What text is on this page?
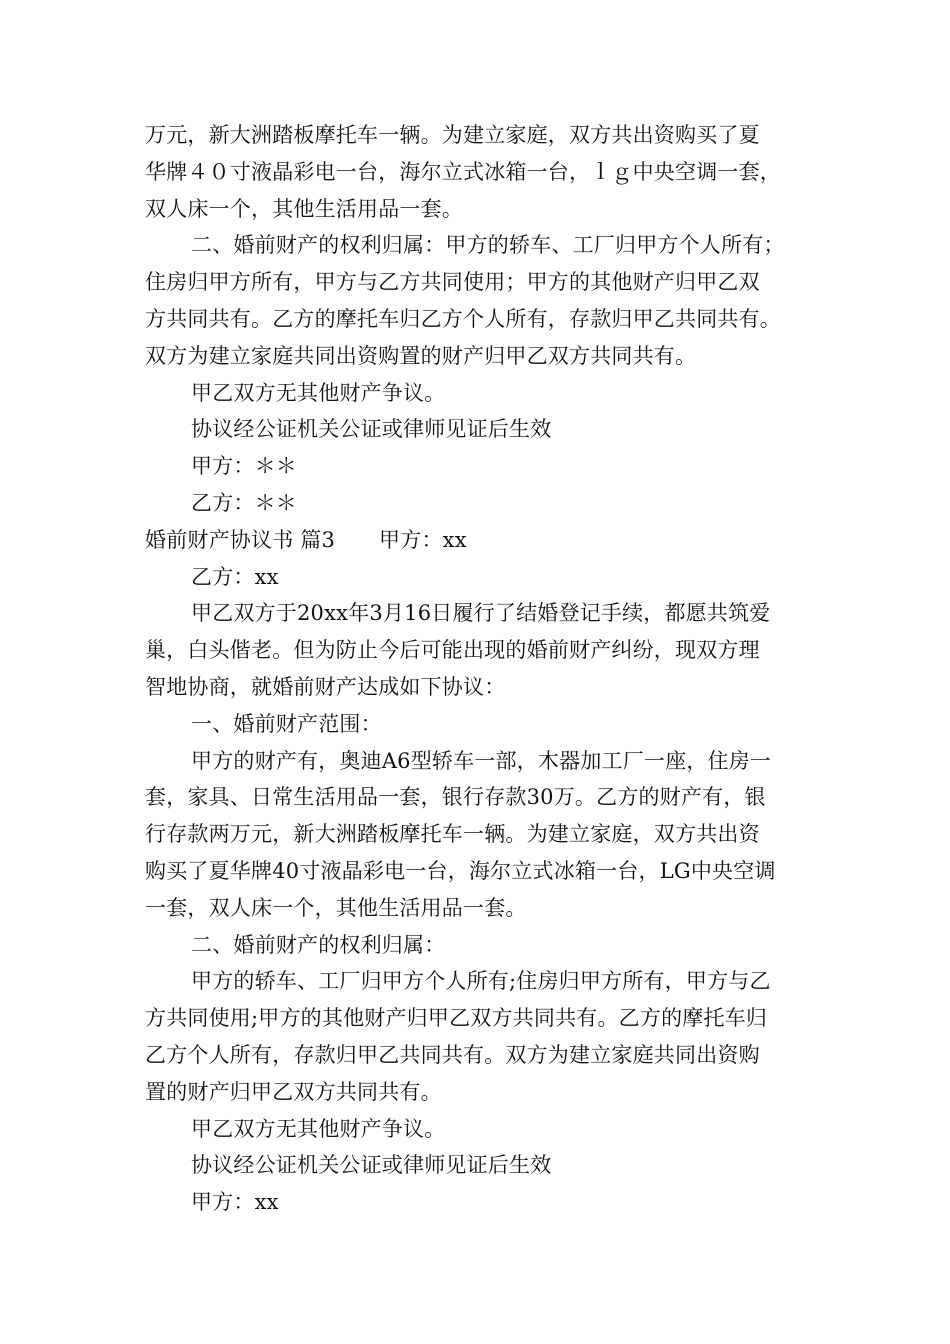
万元，新大洲踏板摩托车一辆。为建立家庭，双方共出资购买了夏
华牌４０寸液晶彩电一台，海尔立式冰箱一台，ｌｇ中央空调一套，
双人床一个，其他生活用品一套。
二、婚前财产的权利归属：甲方的轿车、工厂归甲方个人所有；
住房归甲方所有，甲方与乙方共同使用；甲方的其他财产归甲乙双
方共同共有。乙方的摩托车归乙方个人所有，存款归甲乙共同共有。
双方为建立家庭共同出资购置的财产归甲乙双方共同共有。
甲乙双方无其他财产争议。
协议经公证机关公证或律师见证后生效
甲方：＊＊
乙方：＊＊
婚前财产协议书 篇3 甲方：xx
乙方：xx
甲乙双方于20xx年3月16日履行了结婚登记手续，都愿共筑爱
巢，白头偕老。但为防止今后可能出现的婚前财产纠纷，现双方理
智地协商，就婚前财产达成如下协议：
一、婚前财产范围：
甲方的财产有，奥迪A6型轿车一部，木器加工厂一座，住房一
套，家具、日常生活用品一套，银行存款30万。乙方的财产有，银
行存款两万元，新大洲踏板摩托车一辆。为建立家庭，双方共出资
购买了夏华牌40寸液晶彩电一台，海尔立式冰箱一台，LG中央空调
一套，双人床一个，其他生活用品一套。
二、婚前财产的权利归属：
甲方的轿车、工厂归甲方个人所有;住房归甲方所有，甲方与乙
方共同使用;甲方的其他财产归甲乙双方共同共有。乙方的摩托车归
乙方个人所有，存款归甲乙共同共有。双方为建立家庭共同出资购
置的财产归甲乙双方共同共有。
甲乙双方无其他财产争议。
协议经公证机关公证或律师见证后生效
甲方：xx
